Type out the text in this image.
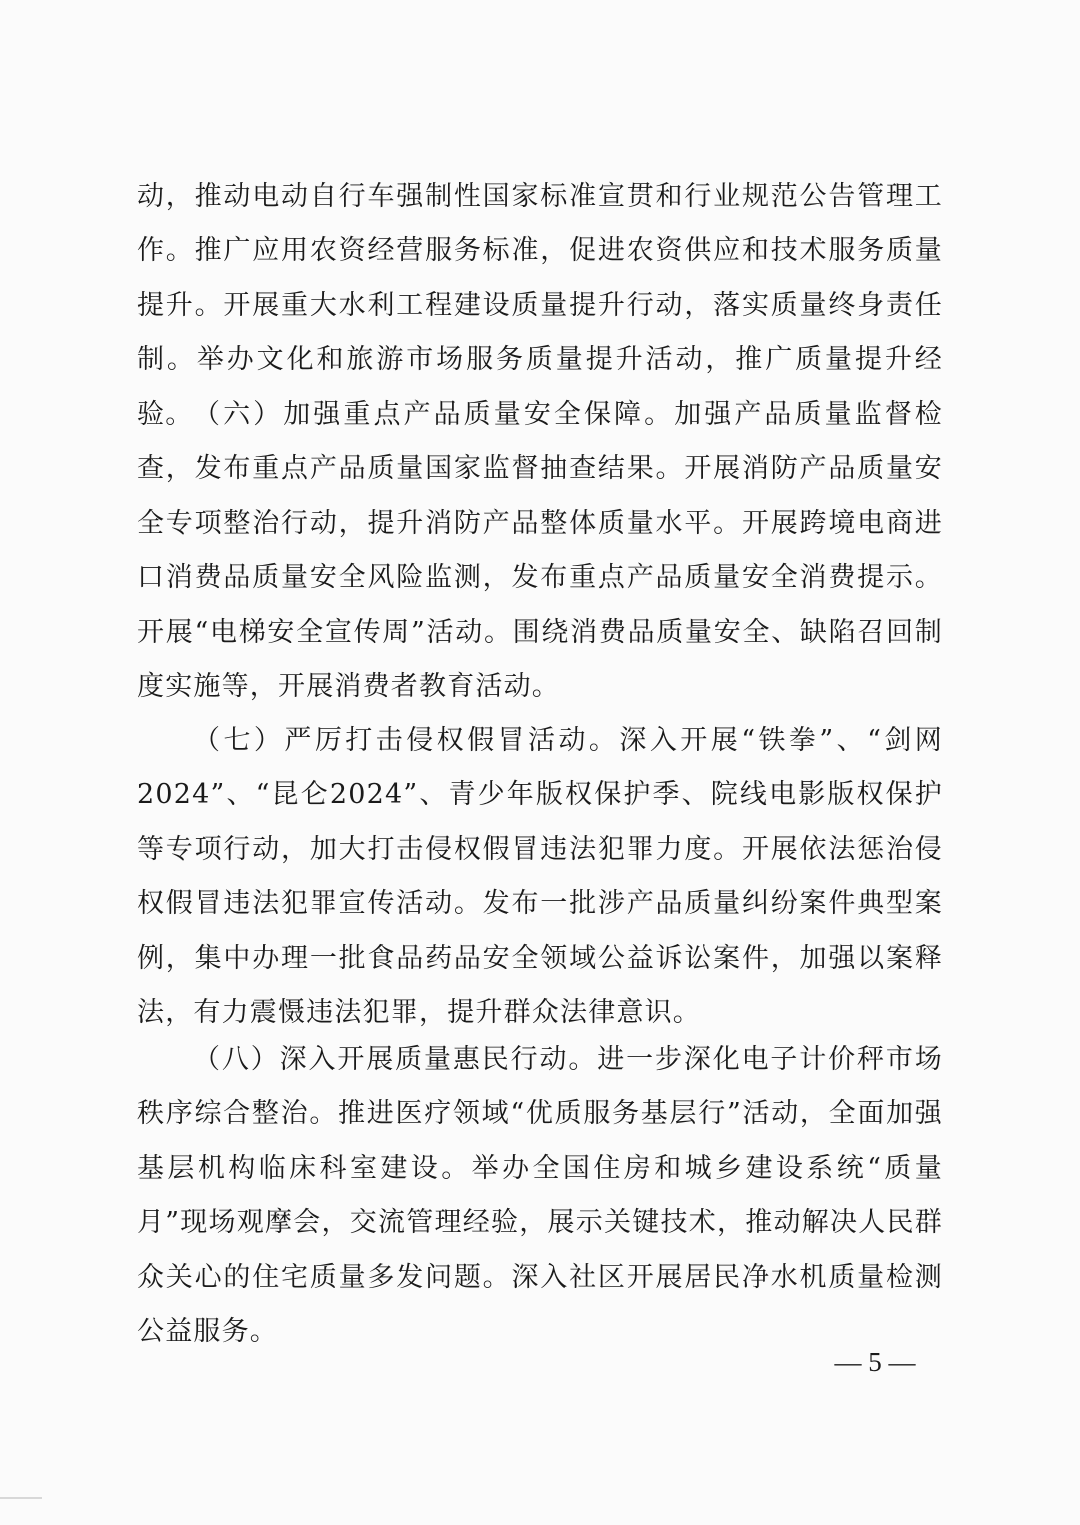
动，推动电动自行车强制性国家标准宣贯和行业规范公告管理工作。推广应用农资经营服务标准，促进农资供应和技术服务质量提升。开展重大水利工程建设质量提升行动，落实质量终身责任制。举办文化和旅游市场服务质量提升活动，推广质量提升经验。 （六）加强重点产品质量安全保障。加强产品质量监督检查，发布重点产品质量国家监督抽查结果。开展消防产品质量安全专项整治行动，提升消防产品整体质量水平。开展跨境电商进口消费品质量安全风险监测，发布重点产品质量安全消费提示。开展“电梯安全宣传周”活动。围绕消费品质量安全、缺陷召回制度实施等，开展消费者教育活动。

（七）严厉打击侵权假冒活动。深入开展“铁拳”、“剑网2024”、“昆仑2024”、青少年版权保护季、院线电影版权保护等专项行动，加大打击侵权假冒违法犯罪力度。开展依法惩治侵权假冒违法犯罪宣传活动。发布一批涉产品质量纠纷案件典型案例，集中办理一批食品药品安全领域公益诉讼案件，加强以案释法，有力震慑违法犯罪，提升群众法律意识。

（八）深入开展质量惠民行动。进一步深化电子计价秤市场秩序综合整治。推进医疗领域“优质服务基层行”活动，全面加强基层机构临床科室建设。举办全国住房和城乡建设系统“质量月”现场观摩会，交流管理经验，展示关键技术，推动解决人民群众关心的住宅质量多发问题。深入社区开展居民净水机质量检测公益服务。

— 5 —
